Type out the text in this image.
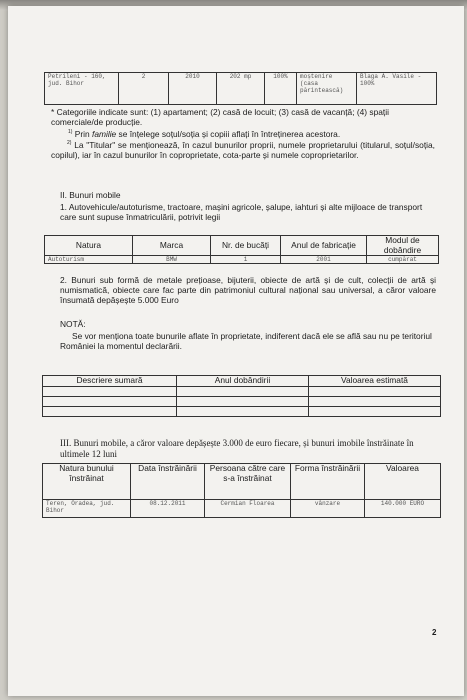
Petrileni - 160, jud. Bihor	2	2010	202 mp	100%	moștenire (casa părintească)	Blaga A. Vasile - 100%
* Categoriile indicate sunt: (1) apartament; (2) casă de locuit; (3) casă de vacanță; (4) spații comerciale/de producție.
$^{1)}$ Prin familie se înțelege soțul/soția și copiii aflați în întreținerea acestora.
$^{2)}$ La "Titular" se menționează, în cazul bunurilor proprii, numele proprietarului (titularul, soțul/soția, copilul), iar în cazul bunurilor în coproprietate, cota-parte și numele coproprietarilor.
II. Bunuri mobile
1. Autovehicule/autoturisme, tractoare, mașini agricole, șalupe, iahturi și alte mijloace de transport care sunt supuse înmatriculării, potrivit legii
Natura	Marca	Nr. de bucăți	Anul de fabricație	Modul de dobândire
Autoturism	BMW	1	2001	cumpărat
2. Bunuri sub formă de metale prețioase, bijuterii, obiecte de artă și de cult, colecții de artă și numismatică, obiecte care fac parte din patrimoniul cultural național sau universal, a căror valoare însumată depășește 5.000 Euro
NOTĂ:
Se vor menționa toate bunurile aflate în proprietate, indiferent dacă ele se află sau nu pe teritoriul României la momentul declarării.
Descriere sumară	Anul dobândirii	Valoarea estimată

III. Bunuri mobile, a căror valoare depășește 3.000 de euro fiecare, și bunuri imobile înstrăinate în ultimele 12 luni
Natura bunului înstrăinat	Data înstrăinării	Persoana către care s-a înstrăinat	Forma înstrăinării	Valoarea
Teren, Oradea, jud. Bihor	08.12.2011	Cermian Floarea	vânzare	140.000 EURO
2
